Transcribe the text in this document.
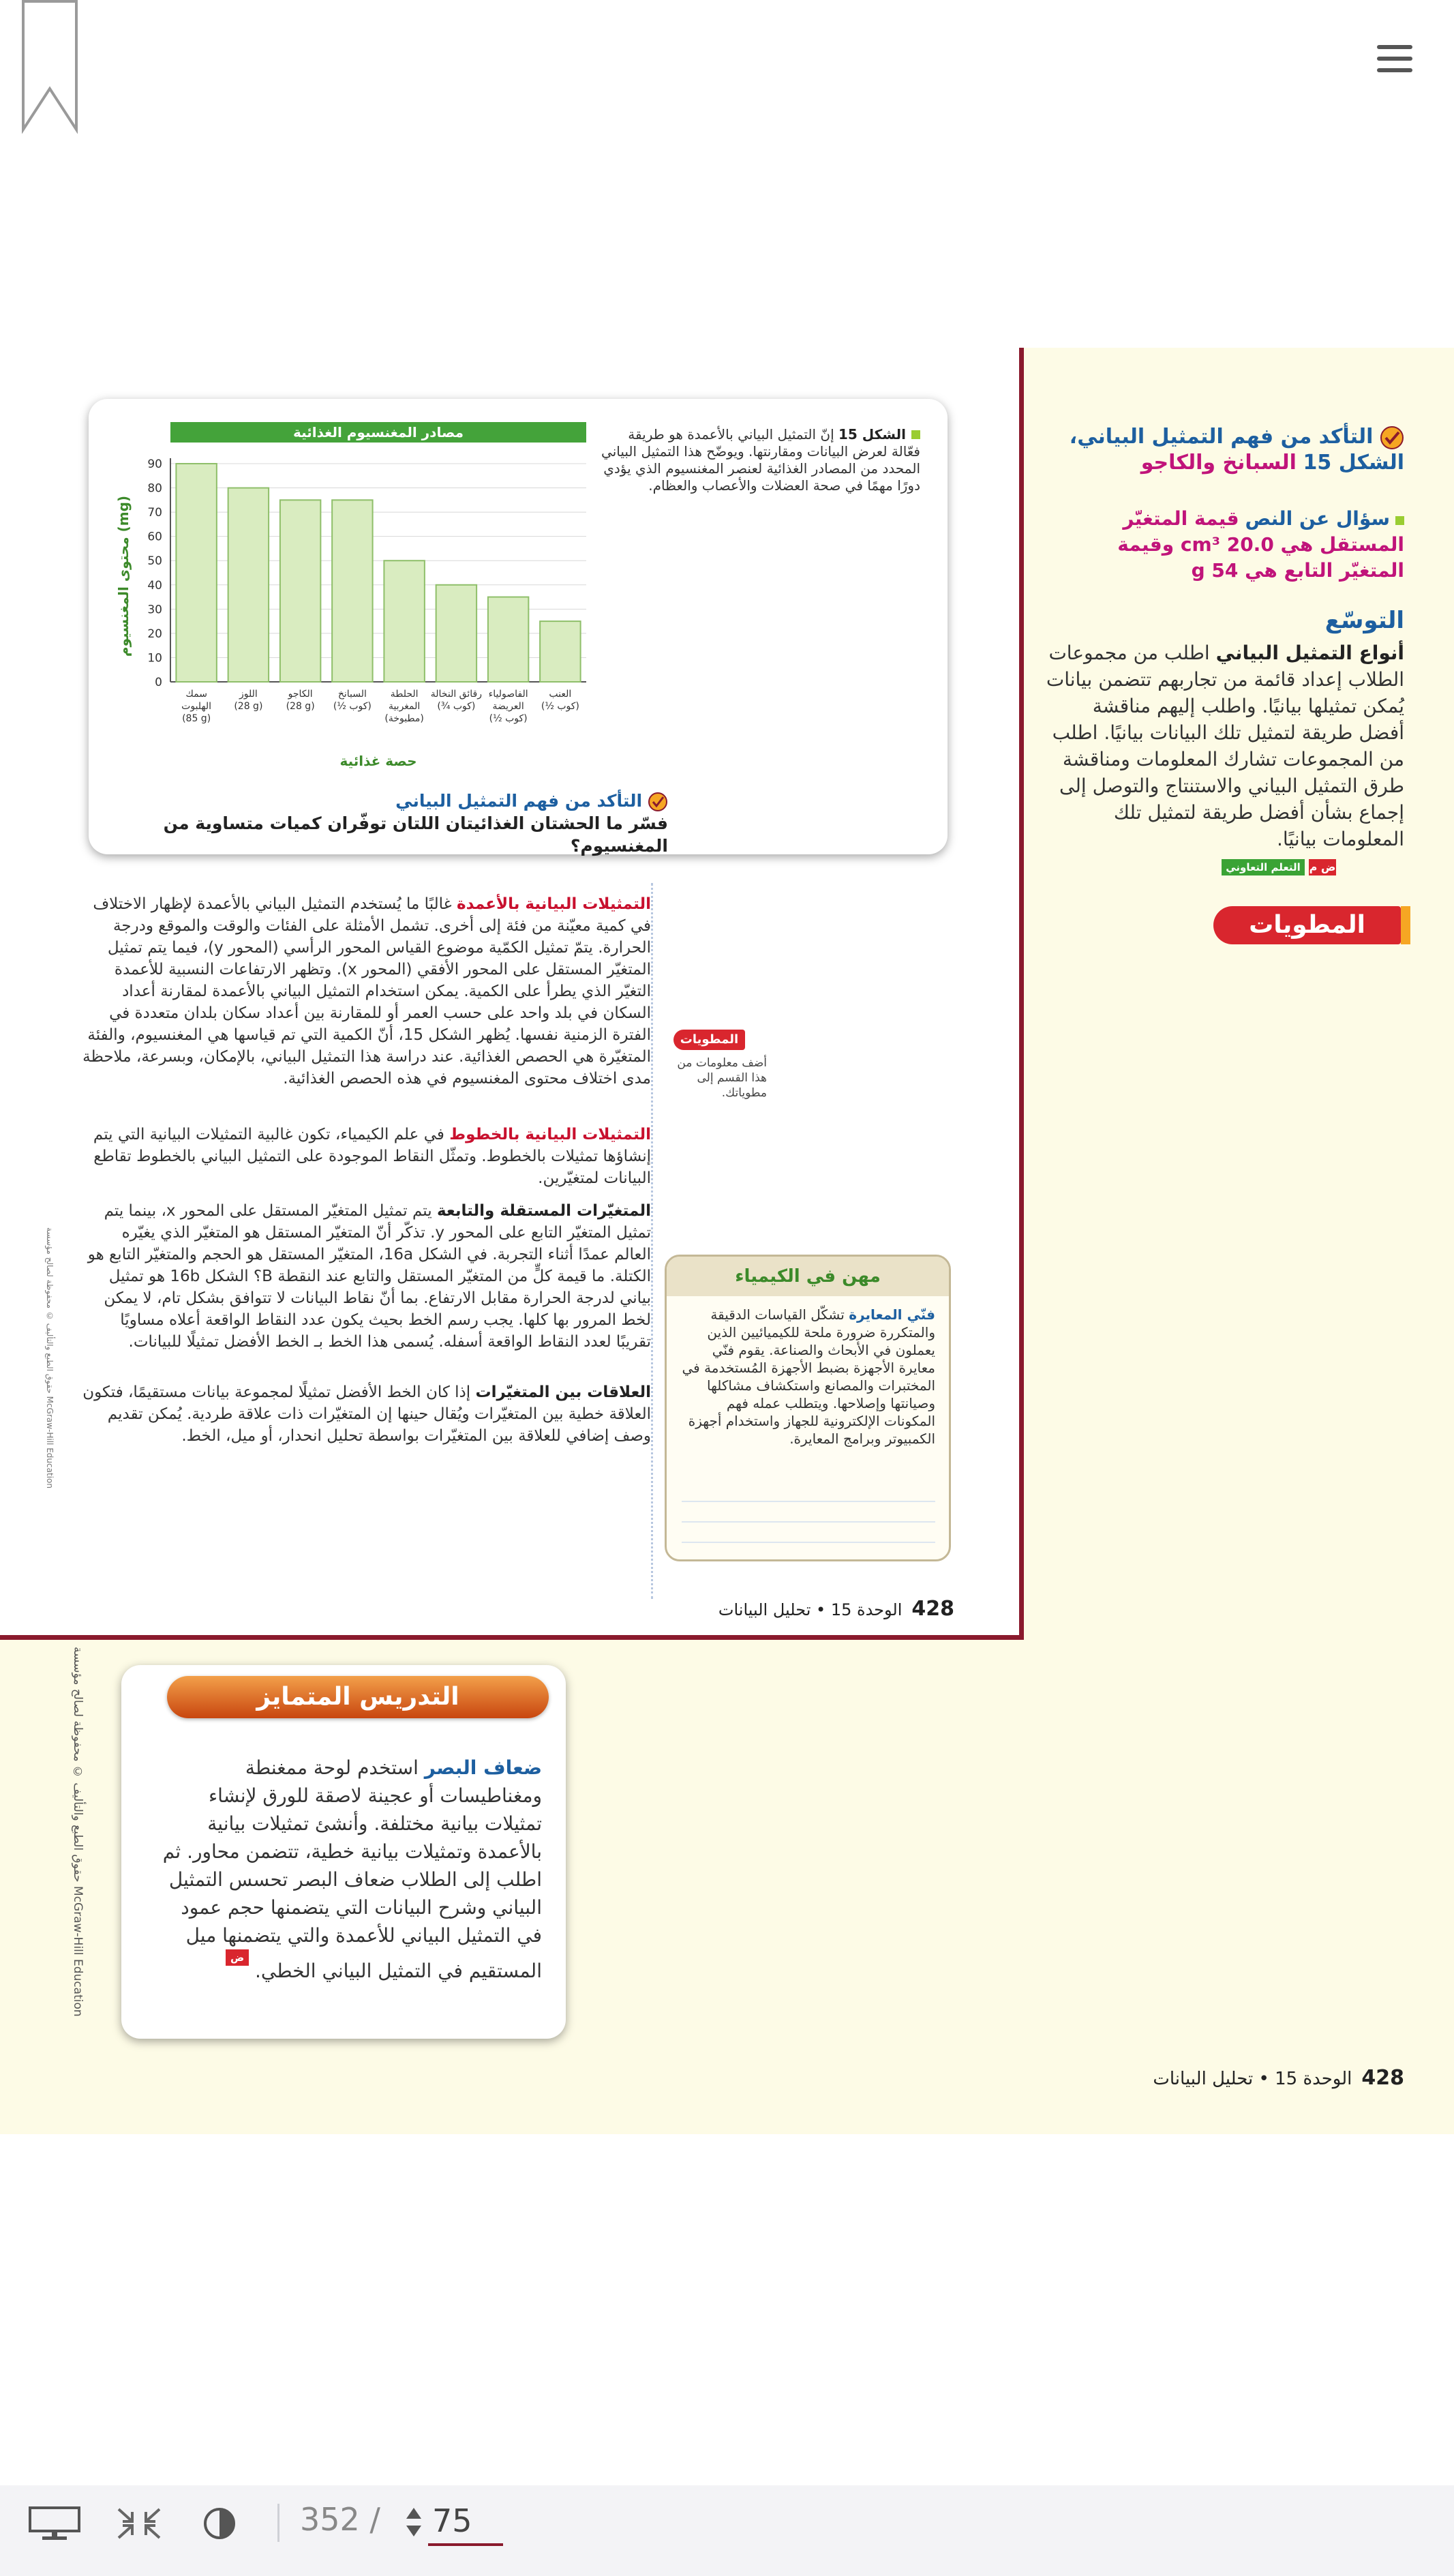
مصادر المغنسيوم الغذائية
0
10
20
30
40
50
60
70
80
90
سمك الهلبوت (85 g)
اللوز (28 g)
الكاجو (28 g)
السبانخ (½ كوب)
الحلطة المغربية (مطبوخة)
رقائق النخالة (¾ كوب)
الفاصولياء العريضة (½ كوب)
العنب (½ كوب)
حصة غذائية
محتوى المغنسيوم (mg)
الشكل 15 إنّ التمثيل البياني بالأعمدة هو طريقة فعّالة لعرض البيانات ومقارنتها. ويوضّح هذا التمثيل البياني المحدد من المصادر الغذائية لعنصر المغنسيوم الذي يؤدي دورًا مهمًا في صحة العضلات والأعصاب والعظام.
التأكد من فهم التمثيل البياني
فسّر ما الحشتان الغذائيتان اللتان توفّران كميات متساوية من المغنسيوم؟
التمثيلات البيانية بالأعمدة غالبًا ما يُستخدم التمثيل البياني بالأعمدة لإظهار الاختلاف في كمية معيّنة من فئة إلى أخرى. تشمل الأمثلة على الفئات والوقت والموقع ودرجة الحرارة. يتمّ تمثيل الكمّية موضوع القياس المحور الرأسي (المحور y)، فيما يتم تمثيل المتغيّر المستقل على المحور الأفقي (المحور x). وتظهر الارتفاعات النسبية للأعمدة التغيّر الذي يطرأ على الكمية. يمكن استخدام التمثيل البياني بالأعمدة لمقارنة أعداد السكان في بلد واحد على حسب العمر أو للمقارنة بين أعداد سكان بلدان متعددة في الفترة الزمنية نفسها. يُظهر الشكل 15، أنّ الكمية التي تم قياسها هي المغنسيوم، والفئة المتغيّرة هي الحصص الغذائية. عند دراسة هذا التمثيل البياني، بالإمكان، وبسرعة، ملاحظة مدى اختلاف محتوى المغنسيوم في هذه الحصص الغذائية.
التمثيلات البيانية بالخطوط في علم الكيمياء، تكون غالبية التمثيلات البيانية التي يتم إنشاؤها تمثيلات بالخطوط. وتمثّل النقاط الموجودة على التمثيل البياني بالخطوط تقاطع البيانات لمتغيّرين.
المتغيّرات المستقلة والتابعة يتم تمثيل المتغيّر المستقل على المحور x، بينما يتم تمثيل المتغيّر التابع على المحور y. تذكّر أنّ المتغيّر المستقل هو المتغيّر الذي يغيّره العالم عمدًا أثناء التجربة. في الشكل 16a، المتغيّر المستقل هو الحجم والمتغيّر التابع هو الكتلة. ما قيمة كلٍّ من المتغيّر المستقل والتابع عند النقطة B؟ الشكل 16b هو تمثيل بياني لدرجة الحرارة مقابل الارتفاع. بما أنّ نقاط البيانات لا تتوافق بشكل تام، لا يمكن لخط المرور بها كلها. يجب رسم الخط بحيث يكون عدد النقاط الواقعة أعلاه مساويًا تقريبًا لعدد النقاط الواقعة أسفله. يُسمى هذا الخط بـ الخط الأفضل تمثيلًا للبيانات.
العلاقات بين المتغيّرات إذا كان الخط الأفضل تمثيلًا لمجموعة بيانات مستقيمًا، فتكون العلاقة خطية بين المتغيّرات ويُقال حينها إن المتغيّرات ذات علاقة طردية. يُمكن تقديم وصف إضافي للعلاقة بين المتغيّرات بواسطة تحليل انحدار، أو ميل، الخط.
المطويات
أضف معلومات من هذا القسم إلى مطوياتك.
مهن في الكيمياء
فنّي المعايرة تشكّل القياسات الدقيقة والمتكررة ضرورة ملحة للكيميائيين الذين يعملون في الأبحاث والصناعة. يقوم فنّي معايرة الأجهزة بضبط الأجهزة المُستخدمة في المختبرات والمصانع واستكشاف مشاكلها وصيانتها وإصلاحها. ويتطلب عمله فهم المكونات الإلكترونية للجهاز واستخدام أجهزة الكمبيوتر وبرامج المعايرة.
428الوحدة 15 • تحليل البيانات
حقوق الطبع والتأليف © محفوظة لصالح مؤسسة McGraw-Hill Education
التأكد من فهم التمثيل البياني، الشكل 15 السبانخ والكاجو
سؤال عن النص قيمة المتغيّر المستقل هي 20.0 cm³ وقيمة المتغيّر التابع هي 54 g
التوسّع
أنواع التمثيل البياني اطلب من مجموعات الطلاب إعداد قائمة من تجاربهم تتضمن بيانات يُمكن تمثيلها بيانيًا. واطلب إليهم مناقشة أفضل طريقة لتمثيل تلك البيانات بيانيًا. اطلب من المجموعات تشارك المعلومات ومناقشة طرق التمثيل البياني والاستنتاج والتوصل إلى إجماع بشأن أفضل طريقة لتمثيل تلك المعلومات بيانيًا.
ض م
التعلم التعاوني
المطويات
التدريس المتمايز
ضعاف البصر استخدم لوحة ممغنطة ومغناطيسات أو عجينة لاصقة للورق لإنشاء تمثيلات بيانية مختلفة. وأنشئ تمثيلات بيانية بالأعمدة وتمثيلات بيانية خطية، تتضمن محاور. ثم اطلب إلى الطلاب ضعاف البصر تحسس التمثيل البياني وشرح البيانات التي يتضمنها حجم عمود في التمثيل البياني للأعمدة والتي يتضمنها ميل المستقيم في التمثيل البياني الخطي. ض م
حقوق الطبع والتأليف © محفوظة لصالح مؤسسة McGraw-Hill Education
428الوحدة 15 • تحليل البيانات
352 /
75
